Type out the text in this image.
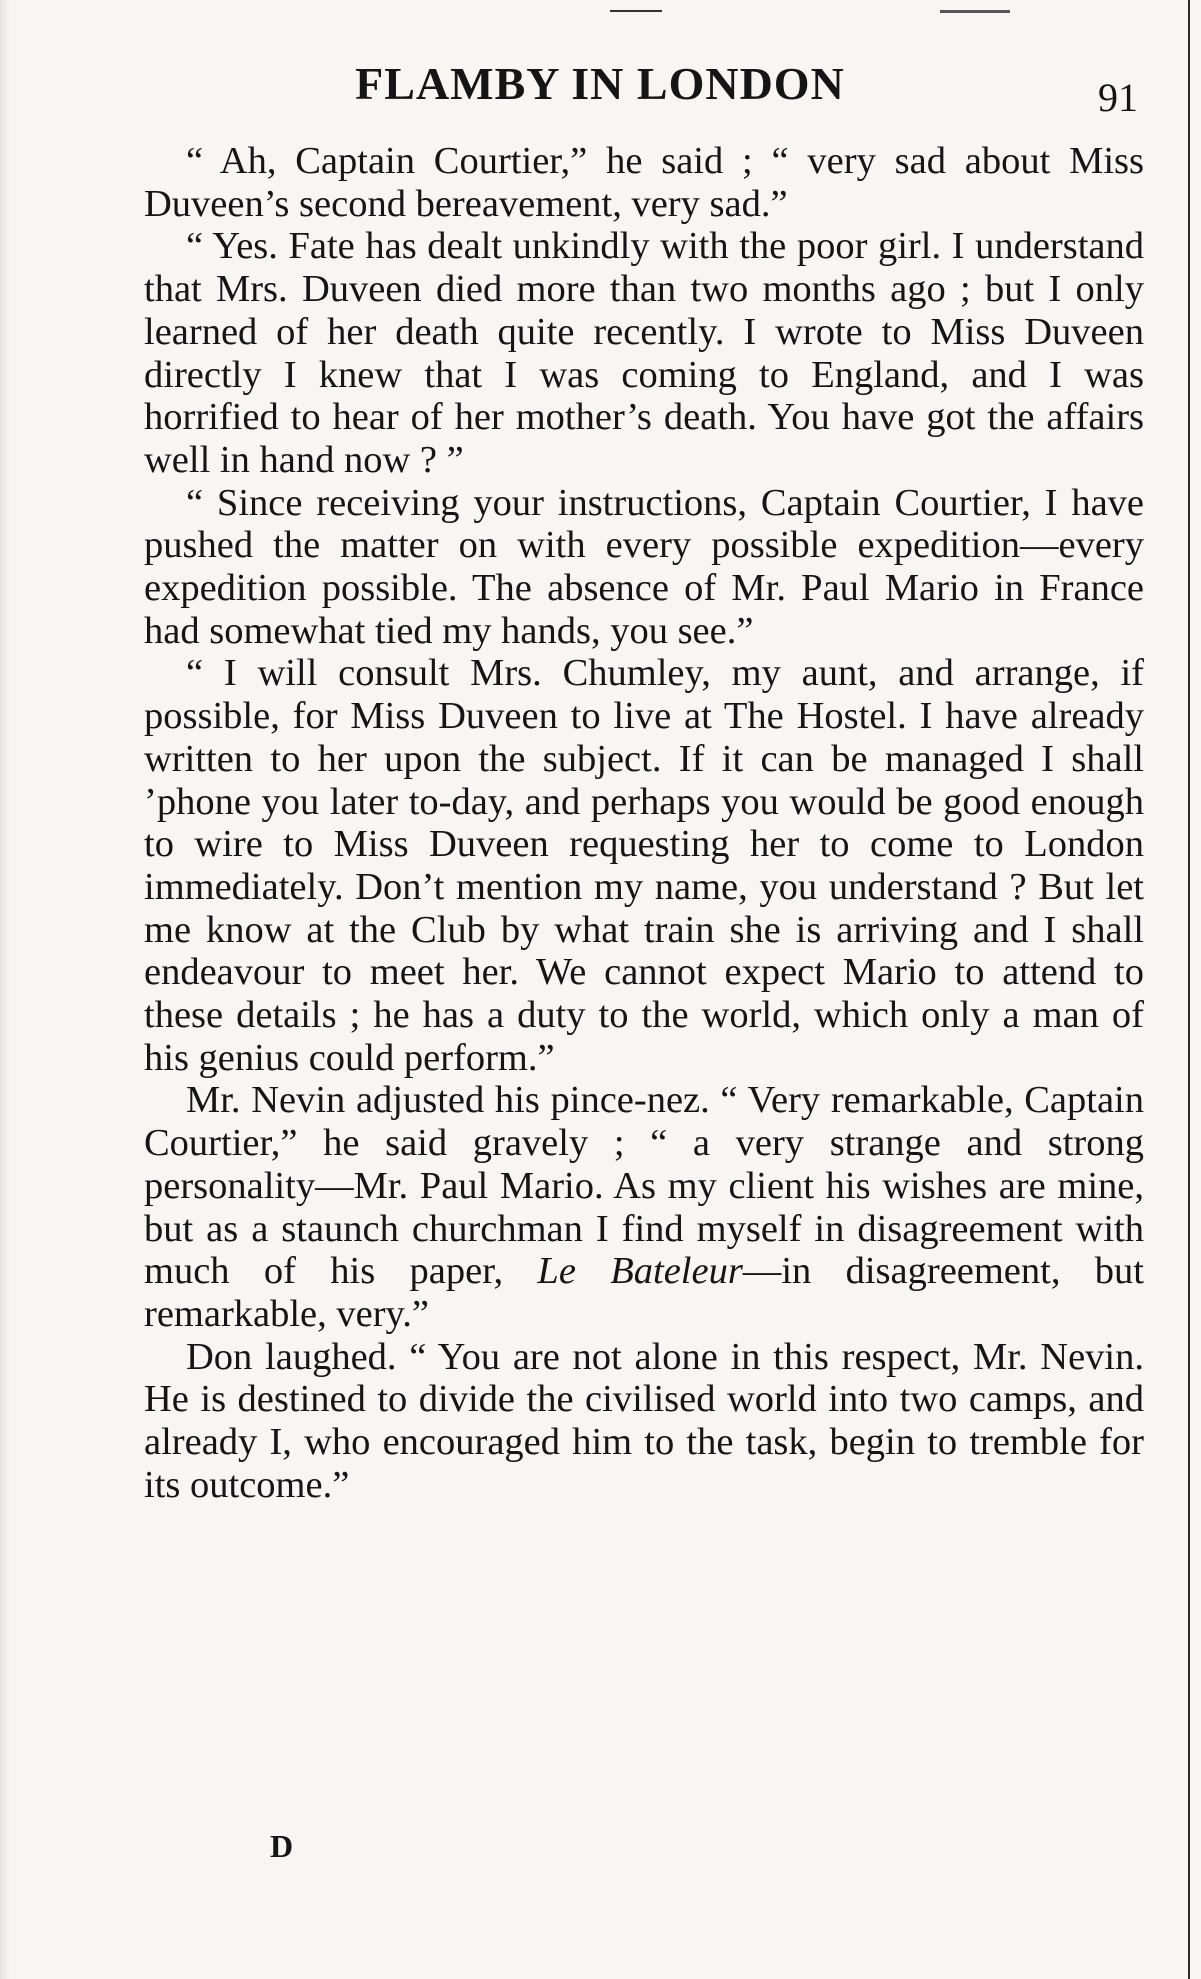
FLAMBY IN LONDON	91

“ Ah, Captain Courtier,” he said ; “ very sad about Miss Duveen’s second bereavement, very sad.”

“ Yes. Fate has dealt unkindly with the poor girl. I understand that Mrs. Duveen died more than two months ago ; but I only learned of her death quite recently. I wrote to Miss Duveen directly I knew that I was coming to England, and I was horrified to hear of her mother’s death. You have got the affairs well in hand now ? ”

“ Since receiving your instructions, Captain Courtier, I have pushed the matter on with every possible expedition—every expedition possible. The absence of Mr. Paul Mario in France had somewhat tied my hands, you see.”

“ I will consult Mrs. Chumley, my aunt, and arrange, if possible, for Miss Duveen to live at The Hostel. I have already written to her upon the subject. If it can be managed I shall ’phone you later to-day, and perhaps you would be good enough to wire to Miss Duveen requesting her to come to London immediately. Don’t mention my name, you understand ? But let me know at the Club by what train she is arriving and I shall endeavour to meet her. We cannot expect Mario to attend to these details ; he has a duty to the world, which only a man of his genius could perform.”

Mr. Nevin adjusted his pince-nez. “ Very remarkable, Captain Courtier,” he said gravely ; “ a very strange and strong personality—Mr. Paul Mario. As my client his wishes are mine, but as a staunch churchman I find myself in disagreement with much of his paper, Le Bateleur—in disagreement, but remarkable, very.”

Don laughed. “ You are not alone in this respect, Mr. Nevin. He is destined to divide the civilised world into two camps, and already I, who encouraged him to the task, begin to tremble for its outcome.”

D
